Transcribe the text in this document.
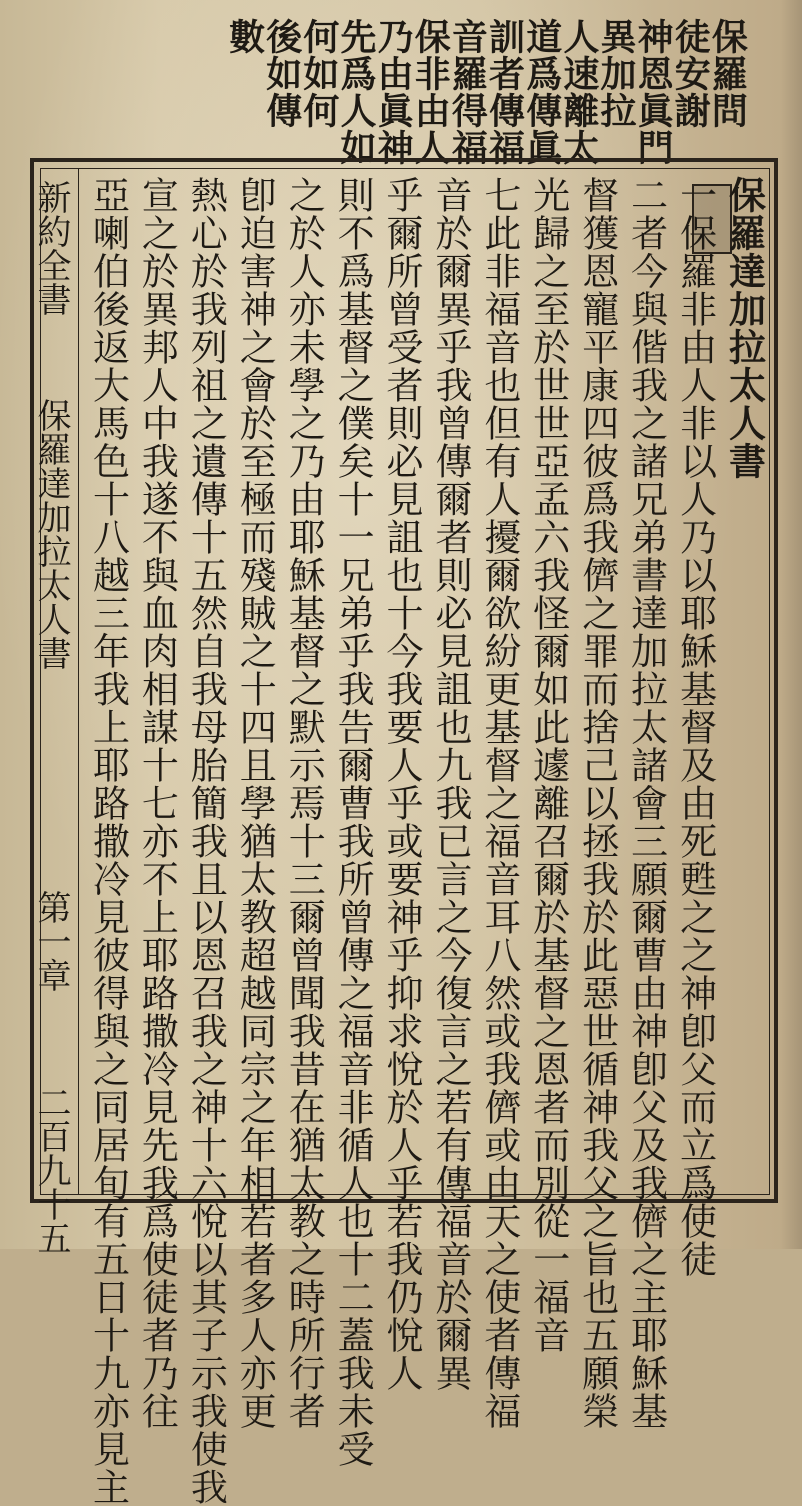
保羅問
徒安謝
神恩眞門
異加拉
人速離太
道爲傳眞
訓者傳福
音羅得福
保非由人
乃由眞神
先爲人如
何如何
後如傳
數
新約全書
保羅達加拉太人書
第一章
二百九十五
保羅達加拉太人書
一保羅非由人非以人乃以耶穌基督及由死甦之之神卽父而立爲使徒
二者今與偕我之諸兄弟書達加拉太諸會三願爾曹由神卽父及我儕之主耶穌基
督獲恩寵平康四彼爲我儕之罪而捨己以拯我於此惡世循神我父之旨也五願榮
光歸之至於世世亞孟六我怪爾如此遽離召爾於基督之恩者而別從一福音
七此非福音也但有人擾爾欲紛更基督之福音耳八然或我儕或由天之使者傳福
音於爾異乎我曾傳爾者則必見詛也九我已言之今復言之若有傳福音於爾異
乎爾所曾受者則必見詛也十今我要人乎或要神乎抑求悅於人乎若我仍悅人
則不爲基督之僕矣十一兄弟乎我告爾曹我所曾傳之福音非循人也十二蓋我未受
之於人亦未學之乃由耶穌基督之默示焉十三爾曾聞我昔在猶太教之時所行者
卽迫害神之會於至極而殘賊之十四且學猶太教超越同宗之年相若者多人亦更
熱心於我列祖之遺傳十五然自我母胎簡我且以恩召我之神十六悅以其子示我使我
宣之於異邦人中我遂不與血肉相謀十七亦不上耶路撒冷見先我爲使徒者乃往
亞喇伯後返大馬色十八越三年我上耶路撒冷見彼得與之同居旬有五日十九亦見主
